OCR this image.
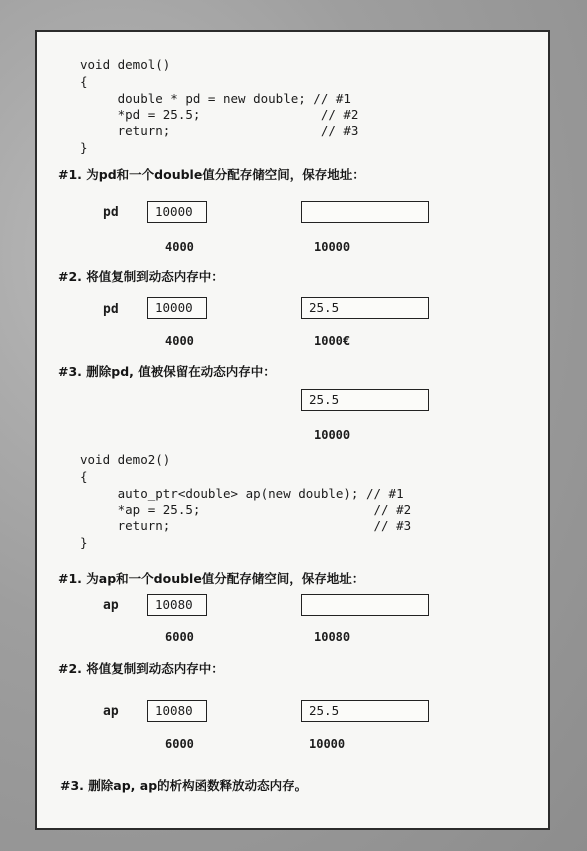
void demol()
{
double * pd = new double; // #1
*pd = 25.5;                // #2
return;                    // #3
}
#1. 为pd和一个double值分配存储空间，保存地址：
pd	10000
4000	10000
#2. 将值复制到动态内存中：
pd	10000	25.5
4000	1000€
#3. 删除pd, 值被保留在动态内存中：
25.5
10000
void demo2()
{
auto_ptr<double> ap(new double); // #1
*ap = 25.5;                       // #2
return;                           // #3
}
#1. 为ap和一个double值分配存储空间，保存地址：
ap	10080
6000	10080
#2. 将值复制到动态内存中：
ap	10080	25.5
6000	10000
#3. 删除ap, ap的析构函数释放动态内存。
